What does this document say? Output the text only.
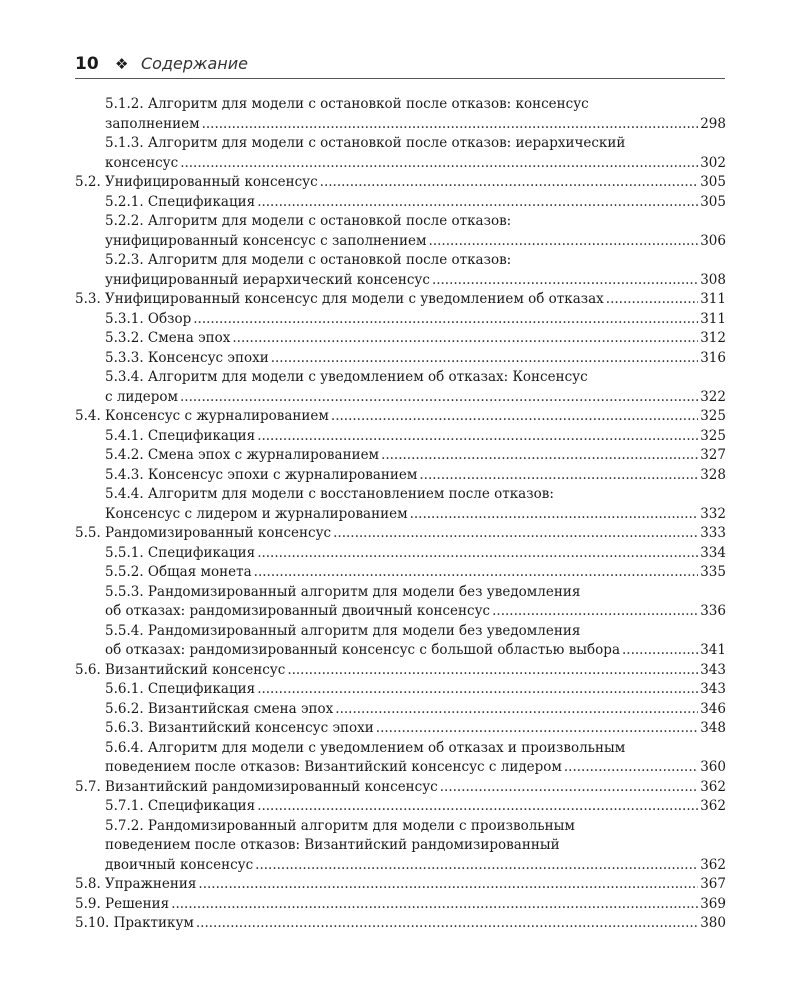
10 ❖ Содержание
5.1.2. Алгоритм для модели с остановкой после отказов: консенсус
заполнением .....	298
5.1.3. Алгоритм для модели с остановкой после отказов: иерархический
консенсус .....	302
5.2. Унифицированный консенсус .....	305
5.2.1. Спецификация .....	305
5.2.2. Алгоритм для модели с остановкой после отказов:
унифицированный консенсус с заполнением .....	306
5.2.3. Алгоритм для модели с остановкой после отказов:
унифицированный иерархический консенсус .....	308
5.3. Унифицированный консенсус для модели с уведомлением об отказах .....	311
5.3.1. Обзор .....	311
5.3.2. Смена эпох .....	312
5.3.3. Консенсус эпохи .....	316
5.3.4. Алгоритм для модели с уведомлением об отказах: Консенсус
с лидером .....	322
5.4. Консенсус с журналированием .....	325
5.4.1. Спецификация .....	325
5.4.2. Смена эпох с журналированием .....	327
5.4.3. Консенсус эпохи с журналированием .....	328
5.4.4. Алгоритм для модели с восстановлением после отказов:
Консенсус с лидером и журналированием .....	332
5.5. Рандомизированный консенсус .....	333
5.5.1. Спецификация .....	334
5.5.2. Общая монета .....	335
5.5.3. Рандомизированный алгоритм для модели без уведомления
об отказах: рандомизированный двоичный консенсус .....	336
5.5.4. Рандомизированный алгоритм для модели без уведомления
об отказах: рандомизированный консенсус с большой областью выбора .....	341
5.6. Византийский консенсус .....	343
5.6.1. Спецификация .....	343
5.6.2. Византийская смена эпох .....	346
5.6.3. Византийский консенсус эпохи .....	348
5.6.4. Алгоритм для модели с уведомлением об отказах и произвольным
поведением после отказов: Византийский консенсус с лидером .....	360
5.7. Византийский рандомизированный консенсус .....	362
5.7.1. Спецификация .....	362
5.7.2. Рандомизированный алгоритм для модели с произвольным
поведением после отказов: Византийский рандомизированный
двоичный консенсус .....	362
5.8. Упражнения .....	367
5.9. Решения .....	369
5.10. Практикум .....	380
